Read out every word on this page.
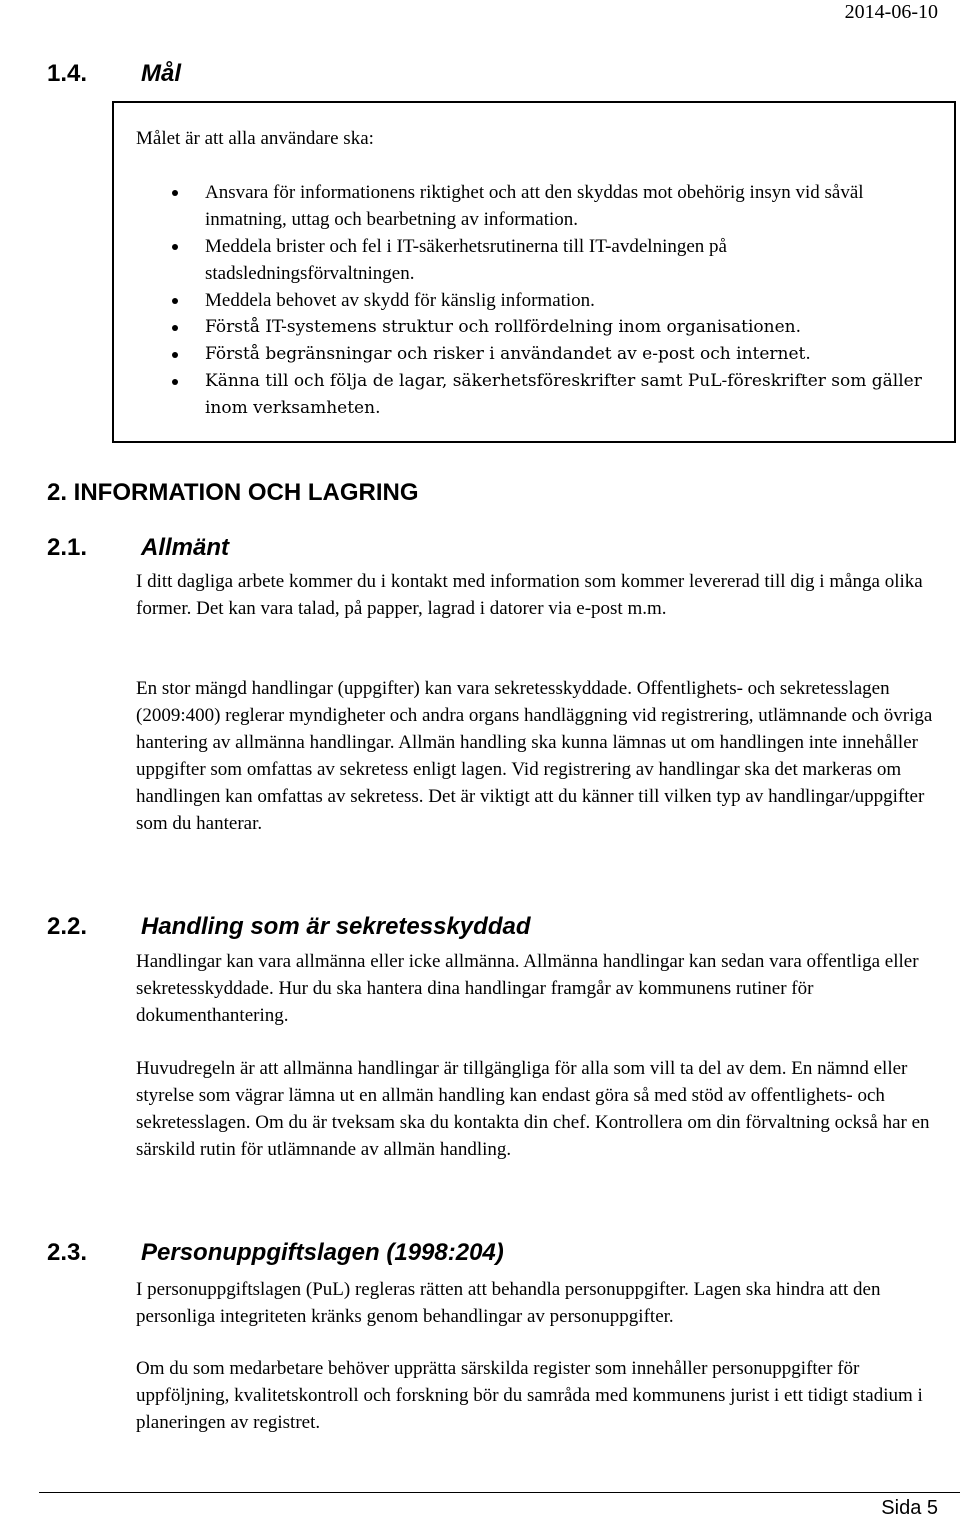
2014-06-10
1.4. Mål
Målet är att alla användare ska:

Ansvara för informationens riktighet och att den skyddas mot obehörig insyn vid såväl inmatning, uttag och bearbetning av information.

Meddela brister och fel i IT-säkerhetsrutinerna till IT-avdelningen på stadsledningsförvaltningen.

Meddela behovet av skydd för känslig information.

Förstå IT-systemens struktur och rollfördelning inom organisationen.

Förstå begränsningar och risker i användandet av e-post och internet.

Känna till och följa de lagar, säkerhetsföreskrifter samt PuL-föreskrifter som gäller inom verksamheten.

2. INFORMATION OCH LAGRING
2.1. Allmänt
I ditt dagliga arbete kommer du i kontakt med information som kommer levererad till dig i många olika former. Det kan vara talad, på papper, lagrad i datorer via e-post m.m.
En stor mängd handlingar (uppgifter) kan vara sekretesskyddade. Offentlighets- och sekretesslagen (2009:400) reglerar myndigheter och andra organs handläggning vid registrering, utlämnande och övriga hantering av allmänna handlingar. Allmän handling ska kunna lämnas ut om handlingen inte innehåller uppgifter som omfattas av sekretess enligt lagen. Vid registrering av handlingar ska det markeras om handlingen kan omfattas av sekretess. Det är viktigt att du känner till vilken typ av handlingar/uppgifter som du hanterar.
2.2. Handling som är sekretesskyddad
Handlingar kan vara allmänna eller icke allmänna. Allmänna handlingar kan sedan vara offentliga eller sekretesskyddade. Hur du ska hantera dina handlingar framgår av kommunens rutiner för dokumenthantering.
Huvudregeln är att allmänna handlingar är tillgängliga för alla som vill ta del av dem. En nämnd eller styrelse som vägrar lämna ut en allmän handling kan endast göra så med stöd av offentlighets- och sekretesslagen. Om du är tveksam ska du kontakta din chef. Kontrollera om din förvaltning också har en särskild rutin för utlämnande av allmän handling.
2.3. Personuppgiftslagen (1998:204)
I personuppgiftslagen (PuL) regleras rätten att behandla personuppgifter. Lagen ska hindra att den personliga integriteten kränks genom behandlingar av personuppgifter.
Om du som medarbetare behöver upprätta särskilda register som innehåller personuppgifter för uppföljning, kvalitetskontroll och forskning bör du samråda med kommunens jurist i ett tidigt stadium i planeringen av registret.
Sida 5
